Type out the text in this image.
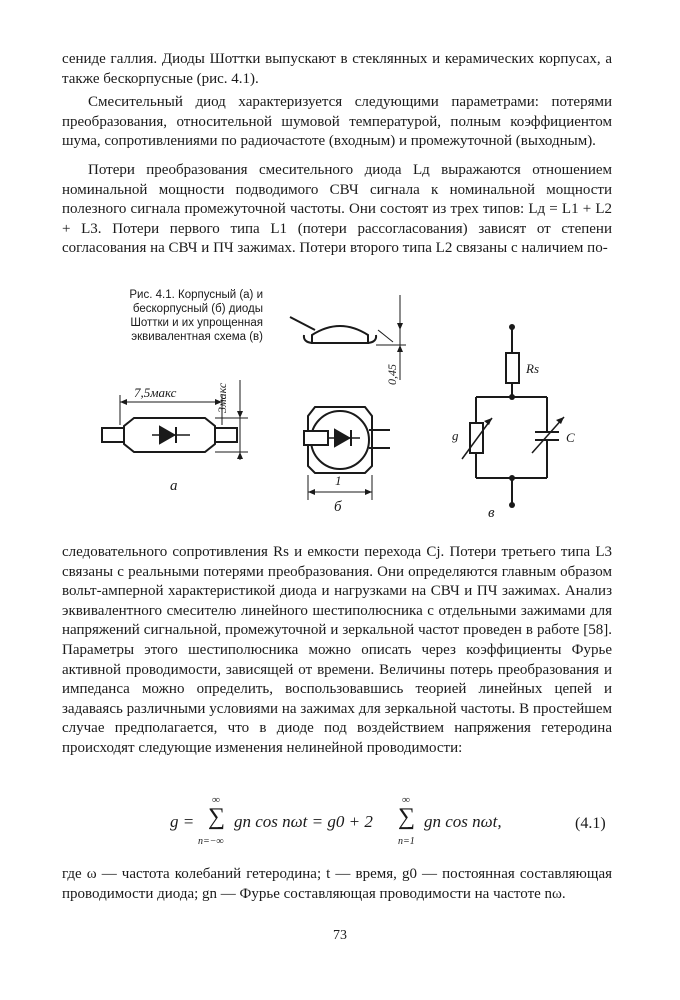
сениде галлия. Диоды Шоттки выпускают в стеклянных и керамических корпусах, а также бескорпусные (рис. 4.1).

Смесительный диод характеризуется следующими параметрами: потерями преобразования, относительной шумовой температурой, полным коэффициентом шума, сопротивлениями по радиочастоте (входным) и промежуточной (выходным).

Потери преобразования смесительного диода Lд выражаются отношением номинальной мощности подводимого СВЧ сигнала к номинальной мощности полезного сигнала промежуточной частоты. Они состоят из трех типов: Lд = L1 + L2 + L3. Потери первого типа L1 (потери рассогласования) зависят от степени согласования на СВЧ и ПЧ зажимах. Потери второго типа L2 связаны с наличием по-

Рис. 4.1. Корпусный (а) и бескорпусный (б) диоды Шоттки и их упрощенная эквивалентная схема (в)

7,5макс	3макс
0,45
1
Rs
g	C
а
б	в

следовательного сопротивления Rs и емкости перехода Cj. Потери третьего типа L3 связаны с реальными потерями преобразования. Они определяются главным образом вольт-амперной характеристикой диода и нагрузками на СВЧ и ПЧ зажимах. Анализ эквивалентного смесителю линейного шестиполюсника с отдельными зажимами для напряжений сигнальной, промежуточной и зеркальной частот проведен в работе [58]. Параметры этого шестиполюсника можно описать через коэффициенты Фурье активной проводимости, зависящей от времени. Величины потерь преобразования и импеданса можно определить, воспользовавшись теорией линейных цепей и задаваясь различными условиями на зажимах для зеркальной частоты. В простейшем случае предполагается, что в диоде под воздействием напряжения гетеродина происходят следующие изменения нелинейной проводимости:

g =
∞
∑
n=−∞
gn cos nωt = g0 + 2
∞
∑
n=1
gn cos nωt,	(4.1)

где ω — частота колебаний гетеродина; t — время, g0 — постоянная составляющая проводимости диода; gn — Фурье составляющая проводимости на частоте nω.

73
